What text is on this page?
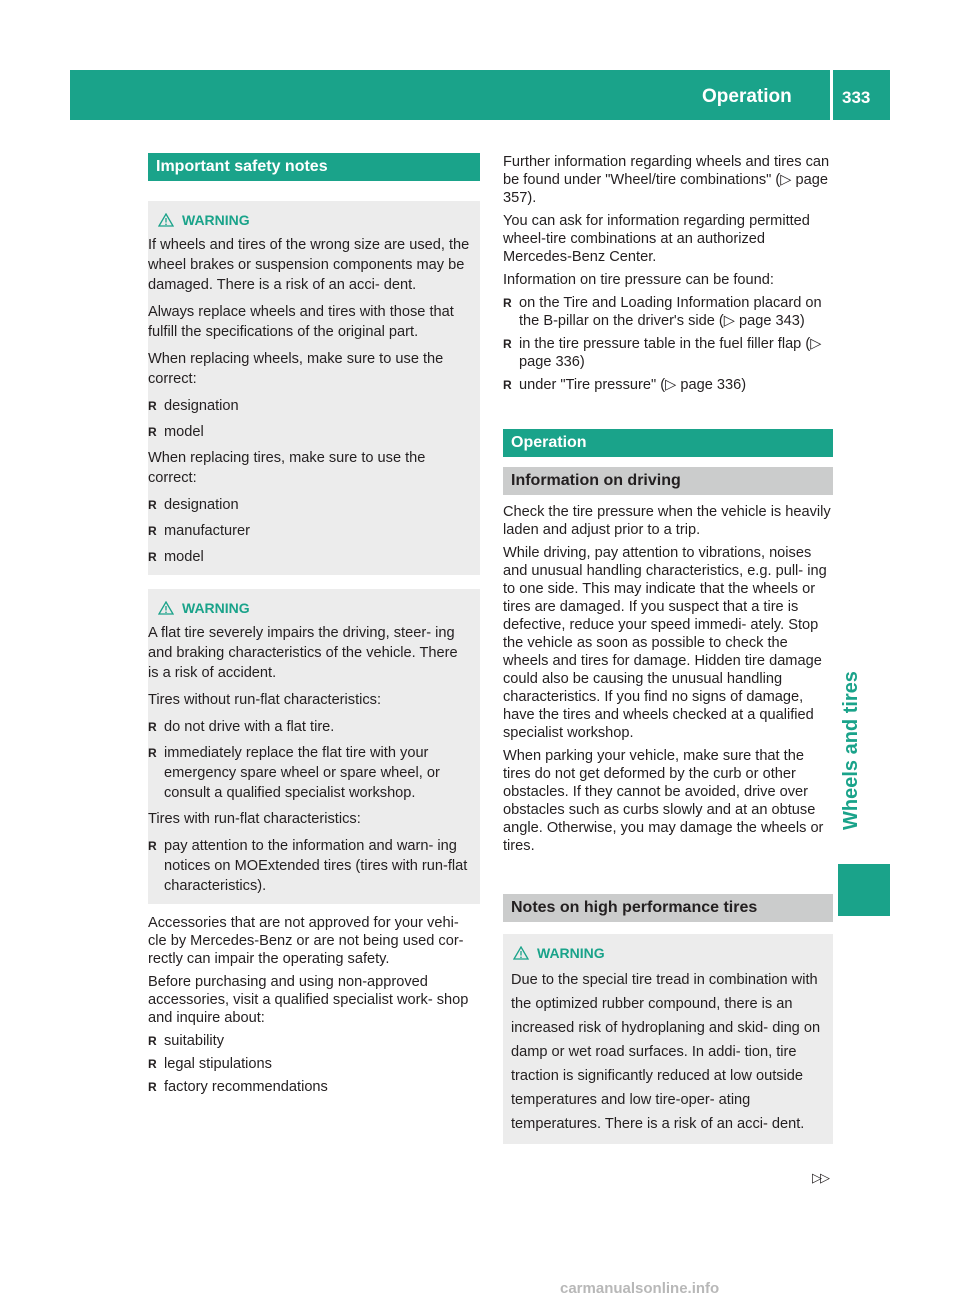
Operation	333
Wheels and tires
Important safety notes
WARNING

If wheels and tires of the wrong size are used, the wheel brakes or suspension components may be damaged. There is a risk of an acci- dent.

Always replace wheels and tires with those that fulfill the specifications of the original part.

When replacing wheels, make sure to use the correct:

R designation
R model

When replacing tires, make sure to use the correct:

R designation
R manufacturer
R model
WARNING

A flat tire severely impairs the driving, steer- ing and braking characteristics of the vehicle. There is a risk of accident.

Tires without run-flat characteristics:

R do not drive with a flat tire.
R immediately replace the flat tire with your emergency spare wheel or spare wheel, or consult a qualified specialist workshop.

Tires with run-flat characteristics:

R pay attention to the information and warn- ing notices on MOExtended tires (tires with run-flat characteristics).

Accessories that are not approved for your vehi- cle by Mercedes-Benz or are not being used cor- rectly can impair the operating safety.

Before purchasing and using non-approved accessories, visit a qualified specialist work- shop and inquire about:

R suitability
R legal stipulations
R factory recommendations

Further information regarding wheels and tires can be found under "Wheel/tire combinations" (▷ page 357).

You can ask for information regarding permitted wheel-tire combinations at an authorized Mercedes-Benz Center.

Information on tire pressure can be found:

R on the Tire and Loading Information placard on the B-pillar on the driver's side (▷ page 343)
R in the tire pressure table in the fuel filler flap (▷ page 336)
R under "Tire pressure" (▷ page 336)
Operation
Information on driving

Check the tire pressure when the vehicle is heavily laden and adjust prior to a trip.

While driving, pay attention to vibrations, noises and unusual handling characteristics, e.g. pull- ing to one side. This may indicate that the wheels or tires are damaged. If you suspect that a tire is defective, reduce your speed immedi- ately. Stop the vehicle as soon as possible to check the wheels and tires for damage. Hidden tire damage could also be causing the unusual handling characteristics. If you find no signs of damage, have the tires and wheels checked at a qualified specialist workshop.

When parking your vehicle, make sure that the tires do not get deformed by the curb or other obstacles. If they cannot be avoided, drive over obstacles such as curbs slowly and at an obtuse angle. Otherwise, you may damage the wheels or tires.

Notes on high performance tires
WARNING

Due to the special tire tread in combination with the optimized rubber compound, there is an increased risk of hydroplaning and skid- ding on damp or wet road surfaces. In addi- tion, tire traction is significantly reduced at low outside temperatures and low tire-oper- ating temperatures. There is a risk of an acci- dent.

▷▷
carmanualsonline.info
